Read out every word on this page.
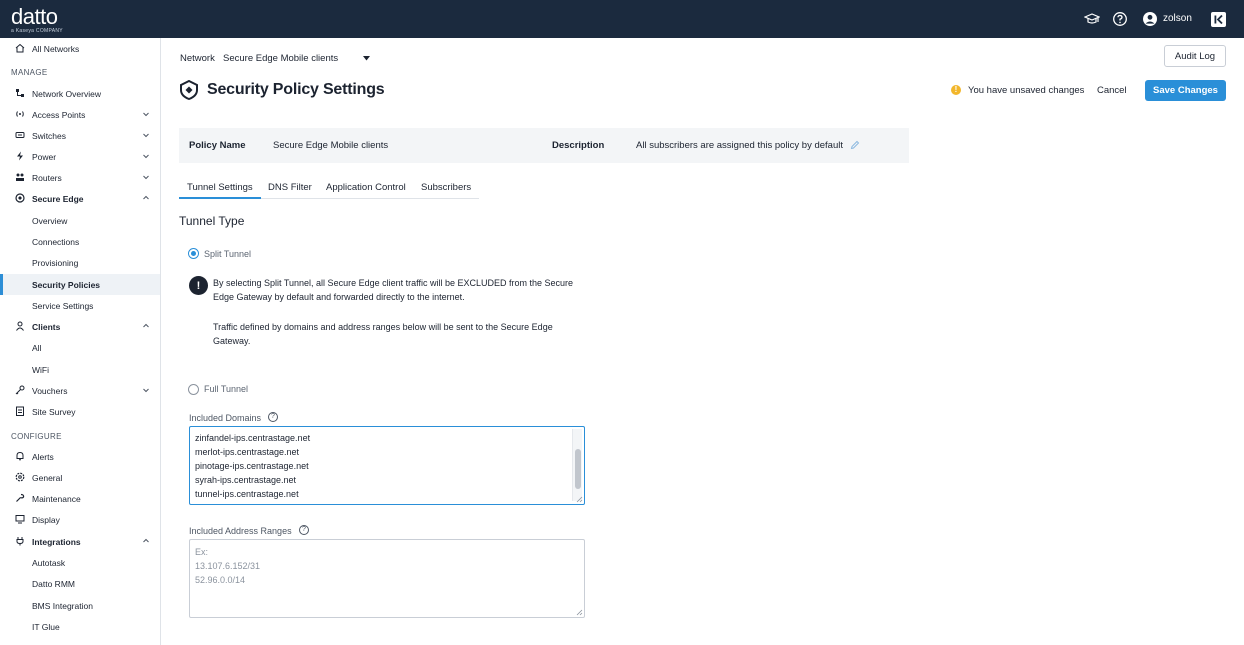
datto
a Kaseya COMPANY
zolson
All Networks
MANAGE
Network Overview
Access Points
Switches
Power
Routers
Secure Edge
Overview
Connections
Provisioning
Security Policies
Service Settings
Clients
All
WiFi
Vouchers
Site Survey
CONFIGURE
Alerts
General
Maintenance
Display
Integrations
Autotask
Datto RMM
BMS Integration
IT Glue
Network Secure Edge Mobile clients	Audit Log
Security Policy Settings	!	You have unsaved changes Cancel	Save Changes
Policy Name	Secure Edge Mobile clients	Description	All subscribers are assigned this policy by default
Tunnel Settings DNS Filter Application Control Subscribers
Tunnel Type
Split Tunnel
!	By selecting Split Tunnel, all Secure Edge client traffic will be EXCLUDED from the Secure
Edge Gateway by default and forwarded directly to the internet.
Traffic defined by domains and address ranges below will be sent to the Secure Edge
Gateway.
Full Tunnel
Included Domains	?
zinfandel-ips.centrastage.net
merlot-ips.centrastage.net
pinotage-ips.centrastage.net
syrah-ips.centrastage.net
tunnel-ips.centrastage.net
Included Address Ranges	?
Ex:
13.107.6.152/31
52.96.0.0/14
